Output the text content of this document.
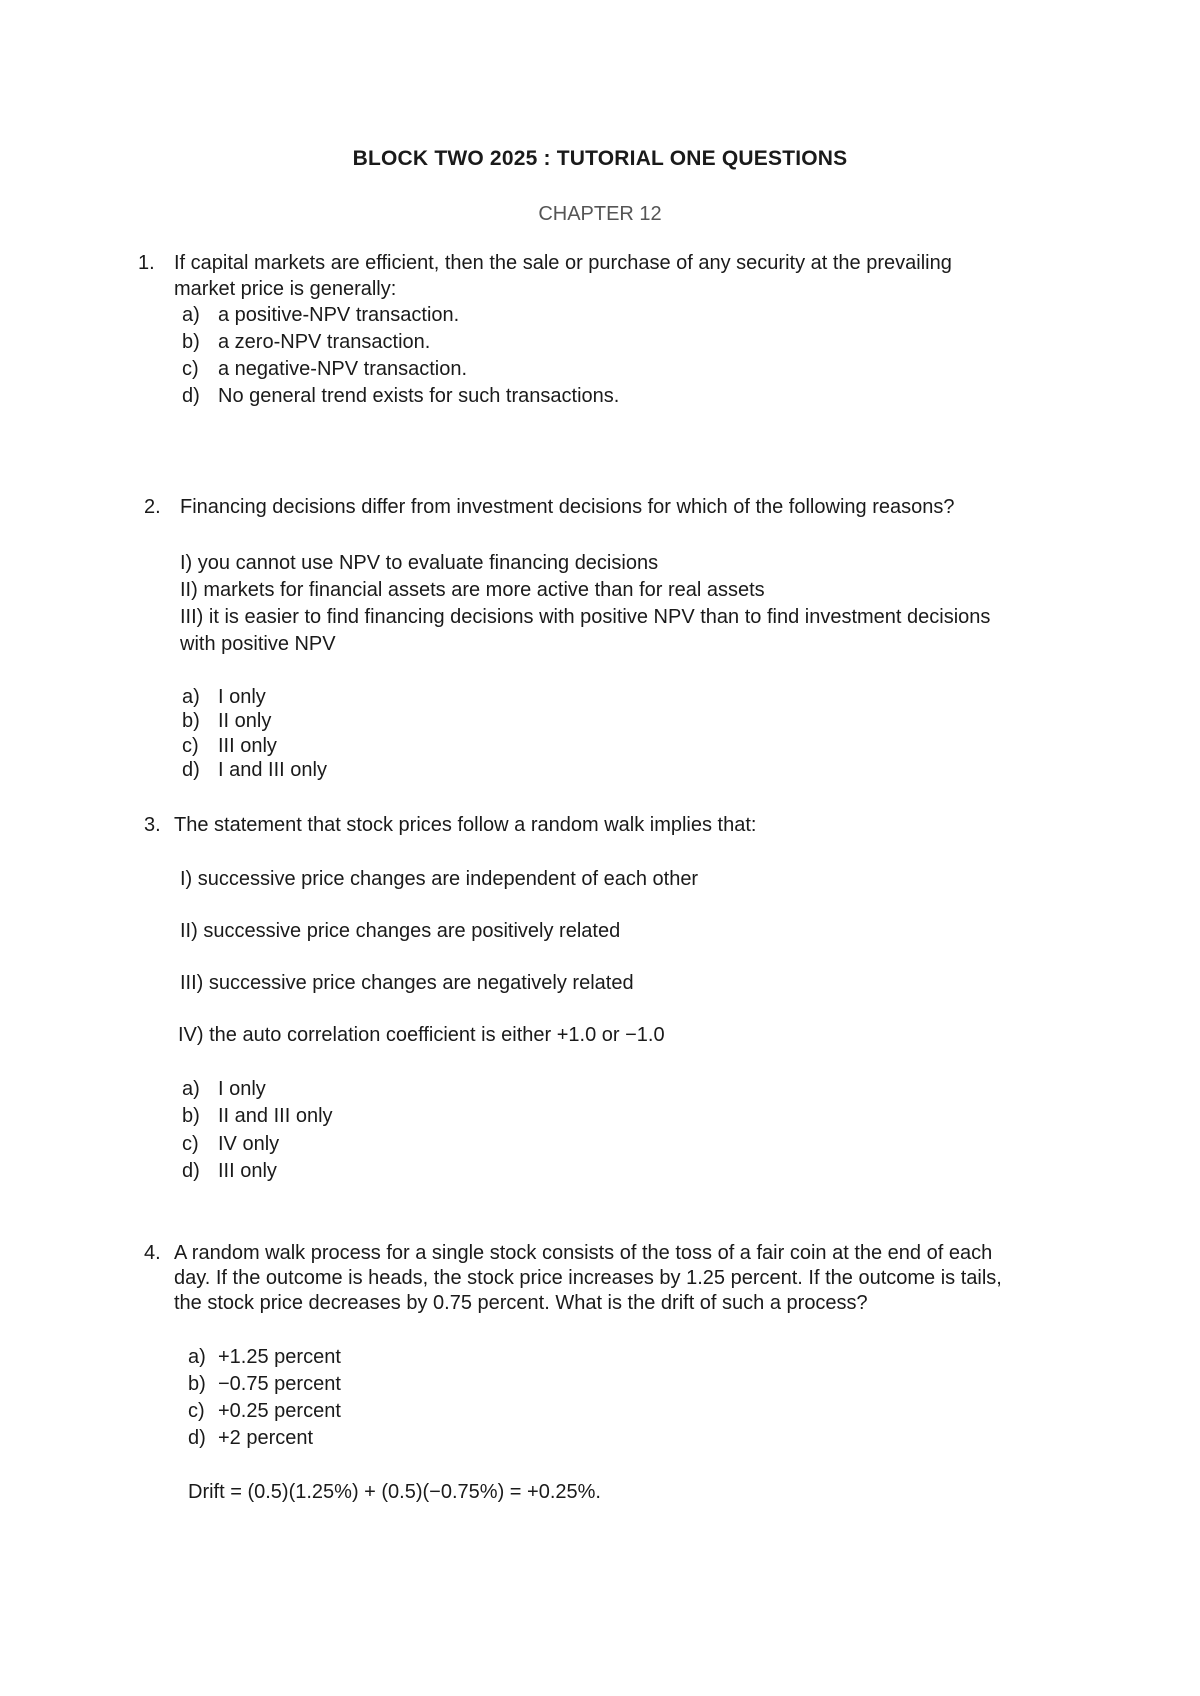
BLOCK TWO 2025 : TUTORIAL ONE QUESTIONS
CHAPTER 12
1. If capital markets are efficient, then the sale or purchase of any security at the prevailing
market price is generally:
a) a positive-NPV transaction.
b) a zero-NPV transaction.
c) a negative-NPV transaction.
d) No general trend exists for such transactions.
2. Financing decisions differ from investment decisions for which of the following reasons?
I) you cannot use NPV to evaluate financing decisions
II) markets for financial assets are more active than for real assets
III) it is easier to find financing decisions with positive NPV than to find investment decisions
with positive NPV
a) I only
b) II only
c) III only
d) I and III only
3. The statement that stock prices follow a random walk implies that:
I) successive price changes are independent of each other
II) successive price changes are positively related
III) successive price changes are negatively related
IV) the auto correlation coefficient is either +1.0 or −1.0
a) I only
b) II and III only
c) IV only
d) III only
4. A random walk process for a single stock consists of the toss of a fair coin at the end of each
day. If the outcome is heads, the stock price increases by 1.25 percent. If the outcome is tails,
the stock price decreases by 0.75 percent. What is the drift of such a process?
a) +1.25 percent
b) −0.75 percent
c) +0.25 percent
d) +2 percent
Drift = (0.5)(1.25%) + (0.5)(−0.75%) = +0.25%.
